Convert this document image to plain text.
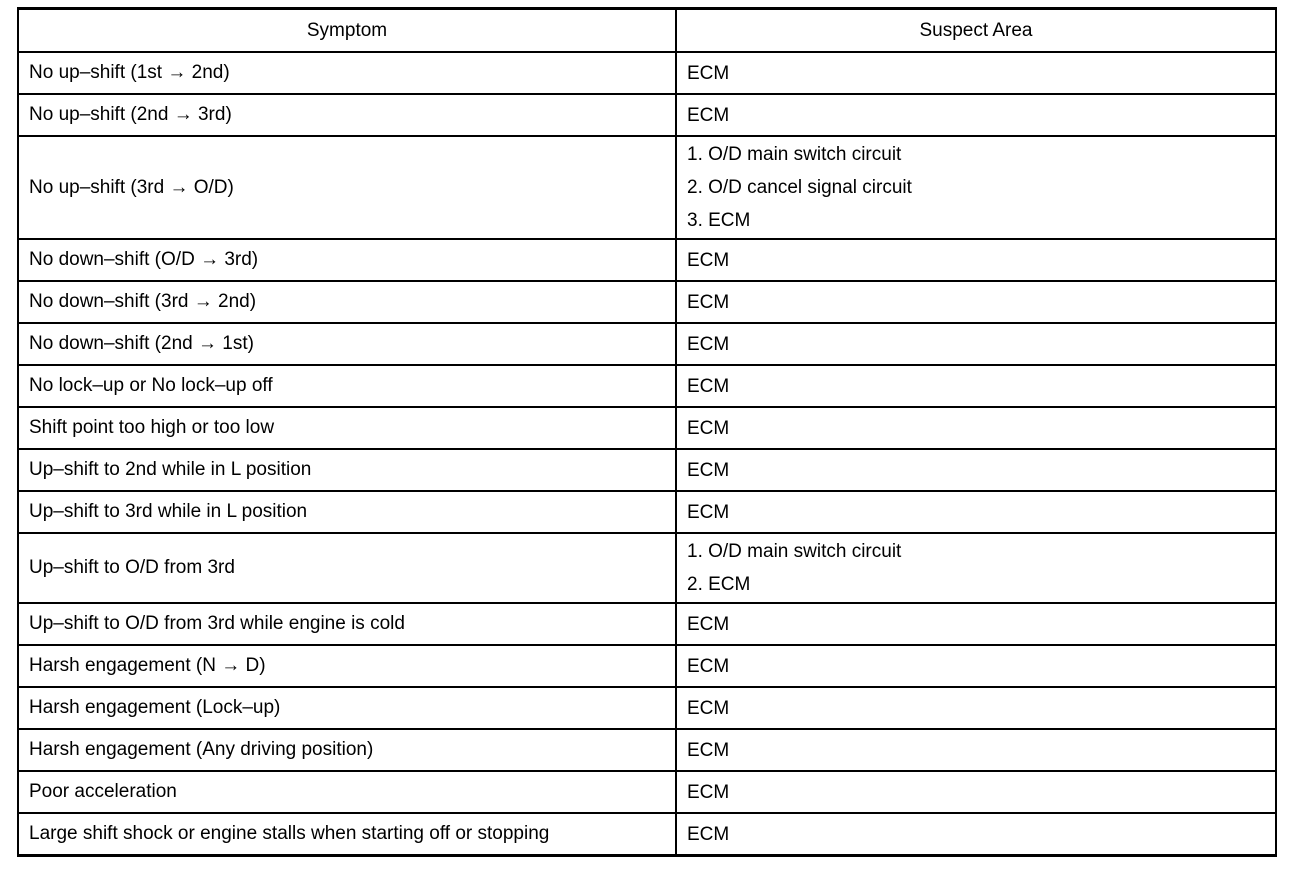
Symptom	Suspect Area
No up–shift (1st → 2nd)	ECM

No up–shift (2nd → 3rd)	ECM

No up–shift (3rd → O/D)	1. O/D main switch circuit
2. O/D cancel signal circuit
3. ECM

No down–shift (O/D → 3rd)	ECM

No down–shift (3rd → 2nd)	ECM

No down–shift (2nd → 1st)	ECM

No lock–up or No lock–up off	ECM

Shift point too high or too low	ECM

Up–shift to 2nd while in L position	ECM

Up–shift to 3rd while in L position	ECM

Up–shift to O/D from 3rd	1. O/D main switch circuit
2. ECM

Up–shift to O/D from 3rd while engine is cold	ECM

Harsh engagement (N → D)	ECM

Harsh engagement (Lock–up)	ECM

Harsh engagement (Any driving position)	ECM

Poor acceleration	ECM

Large shift shock or engine stalls when starting off or stopping	ECM
